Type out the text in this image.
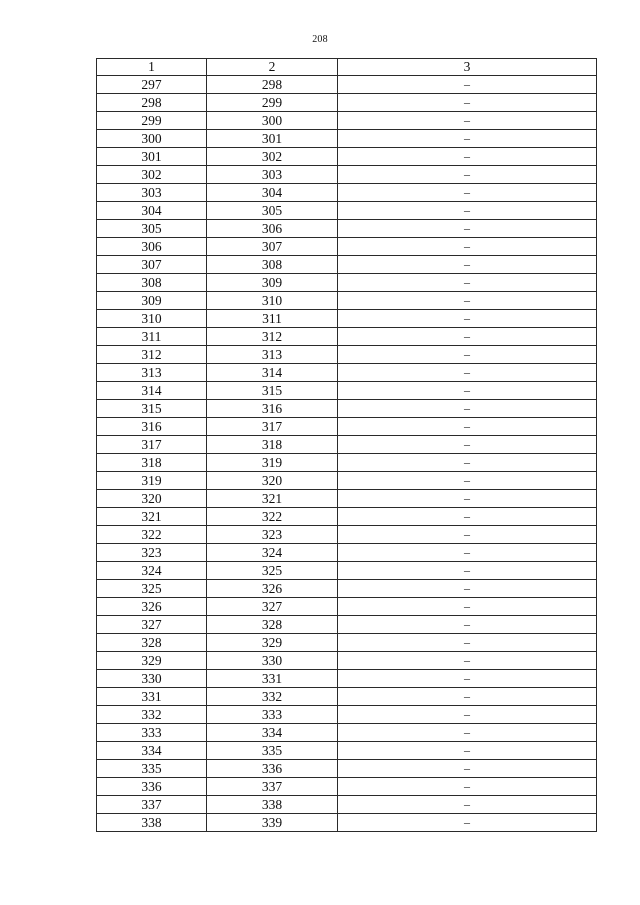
208
1	2	3
297	298	–
298	299	–
299	300	–
300	301	–
301	302	–
302	303	–
303	304	–
304	305	–
305	306	–
306	307	–
307	308	–
308	309	–
309	310	–
310	311	–
311	312	–
312	313	–
313	314	–
314	315	–
315	316	–
316	317	–
317	318	–
318	319	–
319	320	–
320	321	–
321	322	–
322	323	–
323	324	–
324	325	–
325	326	–
326	327	–
327	328	–
328	329	–
329	330	–
330	331	–
331	332	–
332	333	–
333	334	–
334	335	–
335	336	–
336	337	–
337	338	–
338	339	–
